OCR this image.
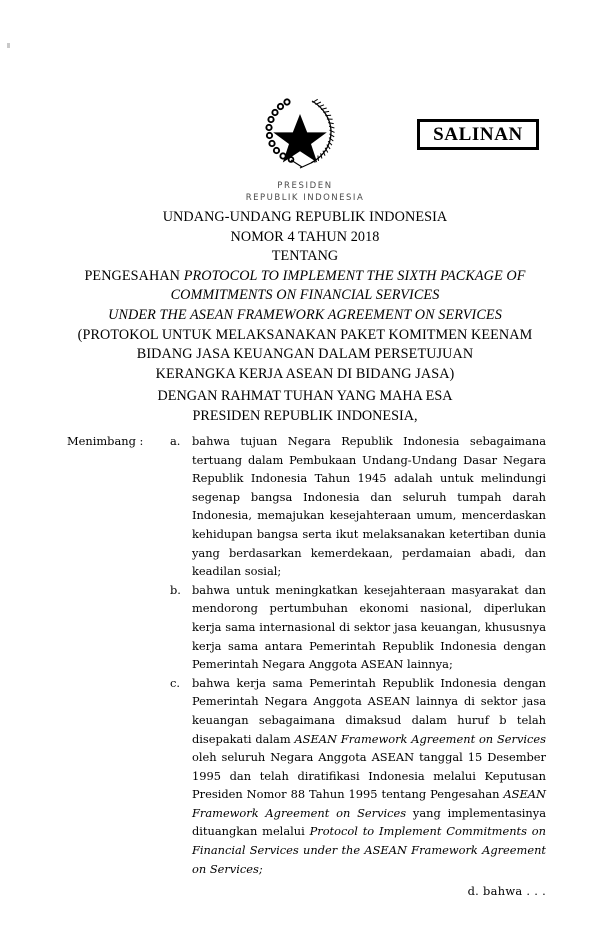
SALINAN
PRESIDEN
REPUBLIK INDONESIA
UNDANG-UNDANG REPUBLIK INDONESIA
NOMOR 4 TAHUN 2018
TENTANG
PENGESAHAN PROTOCOL TO IMPLEMENT THE SIXTH PACKAGE OF
COMMITMENTS ON FINANCIAL SERVICES
UNDER THE ASEAN FRAMEWORK AGREEMENT ON SERVICES
(PROTOKOL UNTUK MELAKSANAKAN PAKET KOMITMEN KEENAM
BIDANG JASA KEUANGAN DALAM PERSETUJUAN
KERANGKA KERJA ASEAN DI BIDANG JASA)
DENGAN RAHMAT TUHAN YANG MAHA ESA
PRESIDEN REPUBLIK INDONESIA,
Menimbang :	a.	bahwa tujuan Negara Republik Indonesia sebagaimana tertuang dalam Pembukaan Undang-Undang Dasar Negara Republik Indonesia Tahun 1945 adalah untuk melindungi segenap bangsa Indonesia dan seluruh tumpah darah Indonesia, memajukan kesejahteraan umum, mencerdaskan kehidupan bangsa serta ikut melaksanakan ketertiban dunia yang berdasarkan kemerdekaan, perdamaian abadi, dan keadilan sosial;
b. bahwa untuk meningkatkan kesejahteraan masyarakat dan mendorong pertumbuhan ekonomi nasional, diperlukan kerja sama internasional di sektor jasa keuangan, khususnya kerja sama antara Pemerintah Republik Indonesia dengan Pemerintah Negara Anggota ASEAN lainnya;
c.	bahwa kerja sama Pemerintah Republik Indonesia dengan Pemerintah Negara Anggota ASEAN lainnya di sektor jasa keuangan sebagaimana dimaksud dalam huruf b telah disepakati dalam ASEAN Framework Agreement on Services oleh seluruh Negara Anggota ASEAN tanggal 15 Desember 1995 dan telah diratifikasi Indonesia melalui Keputusan Presiden Nomor 88 Tahun 1995 tentang Pengesahan ASEAN Framework Agreement on Services yang implementasinya dituangkan melalui Protocol to Implement Commitments on Financial Services under the ASEAN Framework Agreement on Services;
d. bahwa . . .
